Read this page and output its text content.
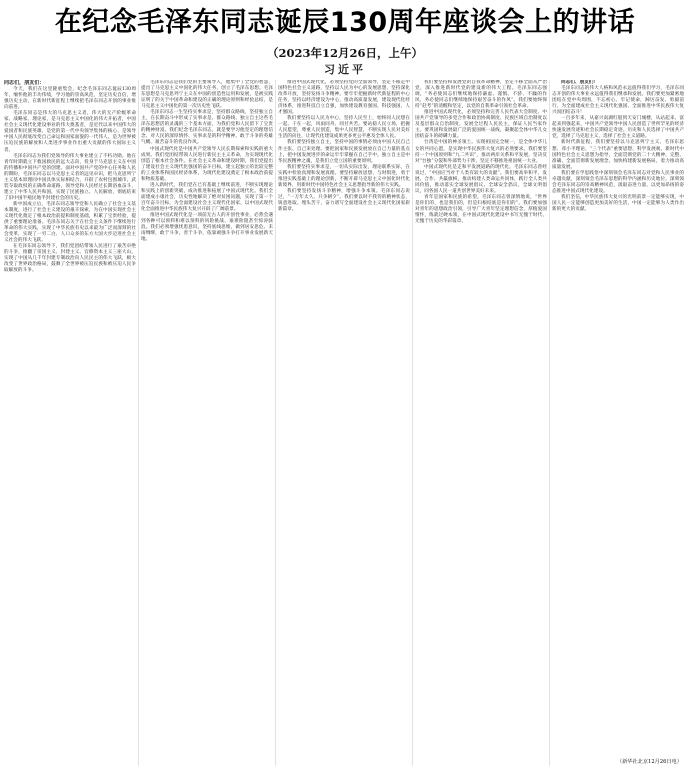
在纪念毛泽东同志诞辰130周年座谈会上的讲话
（2023年12月26日，上午）
习近平

同志们，朋友们：

今天，我们在这里隆重集会，纪念毛泽东同志诞辰130周年，缅怀他的丰功伟绩，学习他的崇高风范，坚定历史自信，增强历史主动，在新时代新征程上继续把毛泽东同志开创的事业推向前进。

毛泽东同志是伟大的马克思主义者，伟大的无产阶级革命家、战略家、理论家，是马克思主义中国化的伟大开拓者，中国社会主义现代化建设事业的伟大奠基者，是近代以来中国伟大的爱国者和民族英雄，是党的第一代中央领导集体的核心，是领导中国人民彻底改变自己命运和国家面貌的一代伟人，是为世界被压迫民族的解放和人类进步事业作出重大贡献的伟大国际主义者。

毛泽东同志为我们党领导的伟大事业建立了不朽功勋。他在青年时期就立下救国救民的远大志向，投身于马克思主义在中国的传播和中国共产党的创建。面对中国共产党的中心任务和人民的期盼，毛泽东同志以马克思主义者的远见卓识，把马克思列宁主义基本原理同中国具体实际相结合，开辟了农村包围城市、武装夺取政权的正确革命道路，领导党和人民经过长期浴血奋斗，建立了中华人民共和国，实现了民族独立、人民解放，彻底结束了旧中国半殖民地半封建社会的历史。

新中国成立后，毛泽东同志领导党和人民确立了社会主义基本制度，进行了社会主义建设的艰辛探索，为在中国实现社会主义现代化奠定了根本政治前提和制度基础，积累了宝贵经验，提供了重要理论准备。毛泽东同志关于在社会主义条件下继续进行革命的伟大实践，实现了中华民族有史以来最为广泛而深刻的社会变革，实现了一穷二白、人口众多的东方大国大步迈进社会主义社会的伟大飞跃。

在毛泽东同志领导下，我们党团结带领人民进行了艰苦卓绝的斗争，推翻了帝国主义、封建主义、官僚资本主义三座大山，实现了中国从几千年封建专制政治向人民民主的伟大飞跃，极大改变了世界政治格局，鼓舞了全世界被压迫民族和被压迫人民争取解放的斗争。

毛泽东同志是我们党的主要领导人，他集中了全党的智慧，提出了马克思主义中国化的伟大任务，创立了毛泽东思想。毛泽东思想是马克思列宁主义在中国的创造性运用和发展，是被实践证明了的关于中国革命和建设的正确的理论原则和经验总结，是马克思主义中国化的第一次历史性飞跃。

毛泽东同志一生坚持实事求是，坚持群众路线，坚持独立自主，在长期奋斗中形成了实事求是、群众路线、独立自主这些毛泽东思想活的灵魂的三个基本方面，为我们党和人民留下了宝贵的精神财富。我们纪念毛泽东同志，就是要学习他坚定的理想信念、对人民的深厚情怀、实事求是的科学精神、敢于斗争的英雄气概、艰苦奋斗的优良作风。

中国式现代化是中国共产党领导人民长期探索和实践的重大成果。我们党团结带领人民进行新民主主义革命，为实现现代化创造了根本社会条件。在社会主义革命和建设时期，我们党提出了建设社会主义现代化强国的奋斗目标，建立起独立的比较完整的工业体系和国民经济体系，为现代化建设奠定了根本政治前提和物质基础。

进入新时代，我们党在已有基础上继续前进，不断实现理论和实践上的创新突破，成功推进和拓展了中国式现代化。我们全面建成小康社会，历史性地解决了绝对贫困问题，实现了第一个百年奋斗目标，为全面建设社会主义现代化国家、以中国式现代化全面推进中华民族伟大复兴开辟了广阔前景。

推进中国式现代化是一项前无古人的开创性事业，必然会遇到各种可以预料和难以预料的风险挑战、艰难险阻甚至惊涛骇浪。我们必须增强忧患意识，坚持底线思维，做到居安思危、未雨绸缪，敢于斗争、善于斗争，依靠顽强斗争打开事业发展新天地。

推进中国式现代化，必须坚持党的全面领导，坚定不移走中国特色社会主义道路，坚持以人民为中心的发展思想，坚持深化改革开放，坚持发扬斗争精神。要牢牢把握新时代新征程的中心任务，坚持以经济建设为中心，推动高质量发展，建设现代化经济体系，推进科技自立自强，加快建设教育强国、科技强国、人才强国。

我们要坚持以人民为中心，坚持人民至上，始终同人民想在一起、干在一起，风雨同舟、同甘共苦。要站稳人民立场，把握人民愿望，尊重人民创造，集中人民智慧，不断实现人民对美好生活的向往，让现代化建设成果更多更公平惠及全体人民。

我们要坚持独立自主，坚持中国的事情必须由中国人民自己作主张、自己来处理。要把国家和民族发展放在自己力量的基点上，把中国发展进步的命运牢牢掌握在自己手中。独立自主是中华民族精神之魂，是我们立党立国的重要原则。

我们要坚持实事求是，一切从实际出发，理论联系实际，在实践中检验真理和发展真理。要坚持解放思想、与时俱进，勇于推进实践基础上的理论创新，不断开辟马克思主义中国化时代化新境界，用新时代中国特色社会主义思想指导新的伟大实践。

我们要坚持发扬斗争精神，增强斗争本领。毛泽东同志说过，“一万年太久，只争朝夕”。我们要以时不我待的精神状态，锐意进取、埋头苦干，奋力谱写全面建设社会主义现代化国家崭新篇章。

我们要坚持和发展党的自我革命精神，坚定不移全面从严治党，深入推进新时代党的建设新的伟大工程。毛泽东同志强调，“务必使同志们继续地保持谦虚、谨慎、不骄、不躁的作风，务必使同志们继续地保持艰苦奋斗的作风”。我们要始终保持“赶考”的清醒和坚定，以党的自我革命引领社会革命。

推进中国式现代化，必须坚持和完善人民代表大会制度、中国共产党领导的多党合作和政治协商制度、民族区域自治制度以及基层群众自治制度，发展全过程人民民主，保证人民当家作主。要巩固和发展最广泛的爱国统一战线，凝聚起全体中华儿女团结奋斗的磅礴力量。

台湾是中国的神圣领土。实现祖国完全统一，是全体中华儿女的共同心愿，是实现中华民族伟大复兴的必然要求。我们要坚持一个中国原则和“九二共识”，推动两岸关系和平发展，坚决反对“台独”分裂和外部势力干涉，坚定不移推进祖国统一大业。

中国式现代化是走和平发展道路的现代化。毛泽东同志曾经说过，“中国应当对于人类有较大的贡献”。我们要高举和平、发展、合作、共赢旗帜，推动构建人类命运共同体，践行全人类共同价值，推动落实全球发展倡议、全球安全倡议、全球文明倡议，同各国人民一道共创世界美好未来。

青年是国家和民族的希望。毛泽东同志曾深情地说，“世界是你们的，也是我们的，但是归根结底是你们的”。我们要加强对青年的思想政治引领，引导广大青年坚定理想信念，厚植爱国情怀，练就过硬本领，在中国式现代化建设中书写无愧于时代、无愧于历史的华彩篇章。

同志们、朋友们！

毛泽东同志的伟大人格和风范永远值得我们学习，毛泽东同志开创的伟大事业永远值得我们继承和发展。我们要更加紧密地团结在党中央周围，不忘初心、牢记使命，踔厉奋发、勇毅前行，为全面建成社会主义现代化强国、全面推进中华民族伟大复兴而团结奋斗！

一百多年来，从嘉兴南湖红船到天安门城楼，从站起来、富起来到强起来，中国共产党领导中国人民创造了世所罕见的经济快速发展奇迹和社会长期稳定奇迹。历史和人民选择了中国共产党，选择了马克思主义，选择了社会主义道路。

新时代新征程，我们要坚持以马克思列宁主义、毛泽东思想、邓小平理论、“三个代表”重要思想、科学发展观、新时代中国特色社会主义思想为指导，全面贯彻党的二十大精神，完整、准确、全面贯彻新发展理念，加快构建新发展格局，着力推动高质量发展。

我们要在学思践悟中深刻领会毛泽东同志对党和人民事业的卓越贡献，深刻领会毛泽东思想的科学内涵和历史地位，深刻领会毛泽东同志的崇高精神风范，汲取奋进力量，以更加昂扬的姿态推进中国式现代化建设。

我们坚信，中华民族伟大复兴的光明前景一定能够实现，中国人民一定能够创造更加美好的生活，中国一定能够为人类作出新的更大的贡献。

（新华社北京12月26日电）
